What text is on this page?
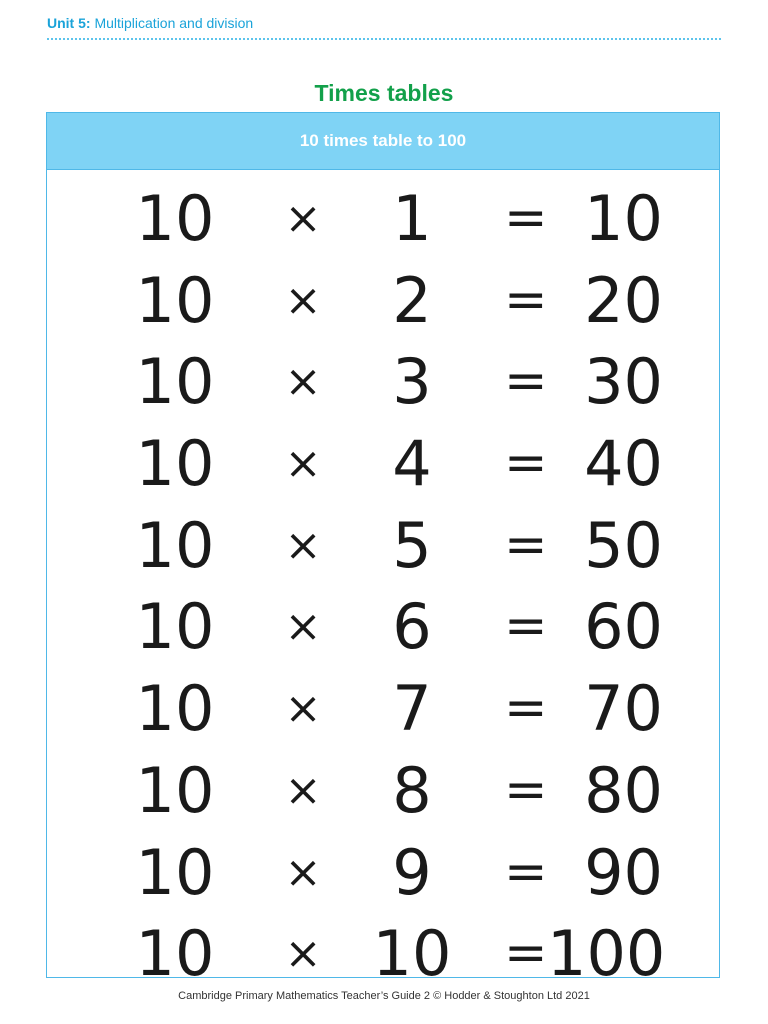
Unit 5: Multiplication and division
Times tables
10 times table to 100
10 ×	1	= 10
10 ×	2	= 20
10 ×	3	= 30
10 ×	4	= 40
10 ×	5	= 50
10 ×	6	= 60
10 ×	7	= 70
10 ×	8	= 80
10 ×	9	= 90
10 × 10 = 100
Cambridge Primary Mathematics Teacher’s Guide 2 © Hodder & Stoughton Ltd 2021
